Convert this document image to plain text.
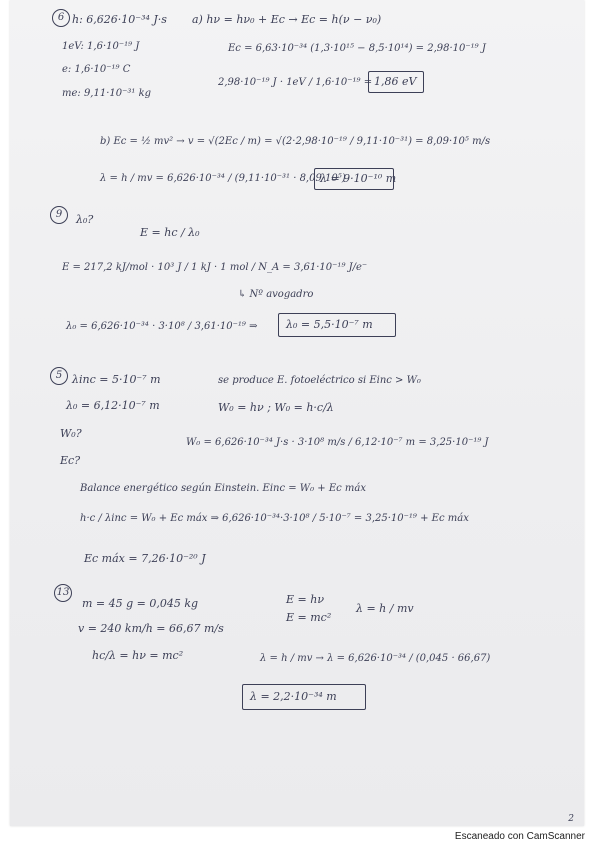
6 h: 6,626·10⁻³⁴ J·s
1eV: 1,6·10⁻¹⁹ J
e: 1,6·10⁻¹⁹ C
me: 9,11·10⁻³¹ kg
a) hν = hν₀ + Ec → Ec = h(ν − ν₀)
Ec = 6,63·10⁻³⁴ (1,3·10¹⁵ − 8,5·10¹⁴) = 2,98·10⁻¹⁹ J
2,98·10⁻¹⁹ J · 1eV / 1,6·10⁻¹⁹ = 1,86 eV
b) Ec = ½ mv² → v = √(2Ec / m) = √(2·2,98·10⁻¹⁹ / 9,11·10⁻³¹) = 8,09·10⁵ m/s
λ = h / mv = 6,626·10⁻³⁴ / (9,11·10⁻³¹ · 8,09·10⁵)
λ = 9·10⁻¹⁰ m
9	λ₀?
E = hc / λ₀
E = 217,2 kJ/mol · 10³ J / 1 kJ · 1 mol / N_A = 3,61·10⁻¹⁹ J/e⁻
↳ Nº avogadro
λ₀ = 6,626·10⁻³⁴ · 3·10⁸ / 3,61·10⁻¹⁹ ⇒	λ₀ = 5,5·10⁻⁷ m
5 λinc = 5·10⁻⁷ m
λ₀ = 6,12·10⁻⁷ m
W₀?
Ec?
se produce E. fotoeléctrico si Einc > W₀
W₀ = hν ; W₀ = h·c/λ
W₀ = 6,626·10⁻³⁴ J·s · 3·10⁸ m/s / 6,12·10⁻⁷ m = 3,25·10⁻¹⁹ J
Balance energético según Einstein. Einc = W₀ + Ec máx
h·c / λinc = W₀ + Ec máx ⇒ 6,626·10⁻³⁴·3·10⁸ / 5·10⁻⁷ = 3,25·10⁻¹⁹ + Ec máx
Ec máx = 7,26·10⁻²⁰ J
13
m = 45 g = 0,045 kg
v = 240 km/h = 66,67 m/s
hc/λ = hν = mc²
E = hν
E = mc²
λ = h / mv
λ = h / mv → λ = 6,626·10⁻³⁴ / (0,045 · 66,67)
λ = 2,2·10⁻³⁴ m
2
Escaneado con CamScanner
